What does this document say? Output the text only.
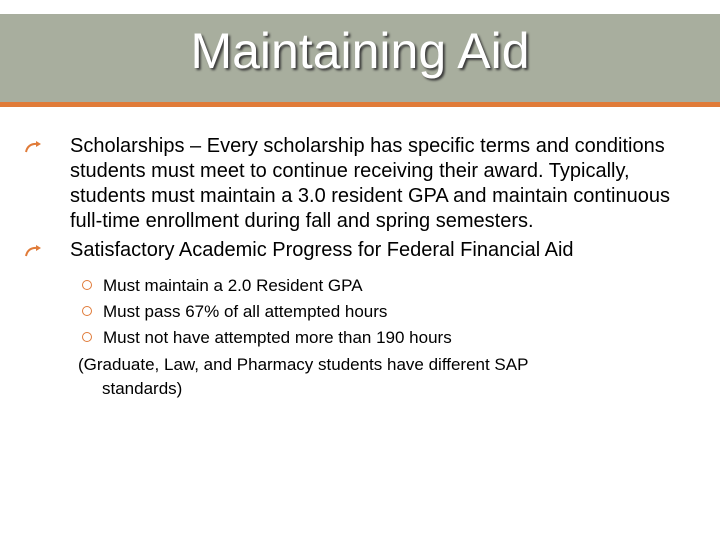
Maintaining Aid
Scholarships – Every scholarship has specific terms and conditions students must meet to continue receiving their award. Typically, students must maintain a 3.0 resident GPA and maintain continuous full-time enrollment during fall and spring semesters.
Satisfactory Academic Progress for Federal Financial Aid
Must maintain a 2.0 Resident GPA
Must pass 67% of all attempted hours
Must not have attempted more than 190 hours
(Graduate, Law, and Pharmacy students have different SAP
standards)
